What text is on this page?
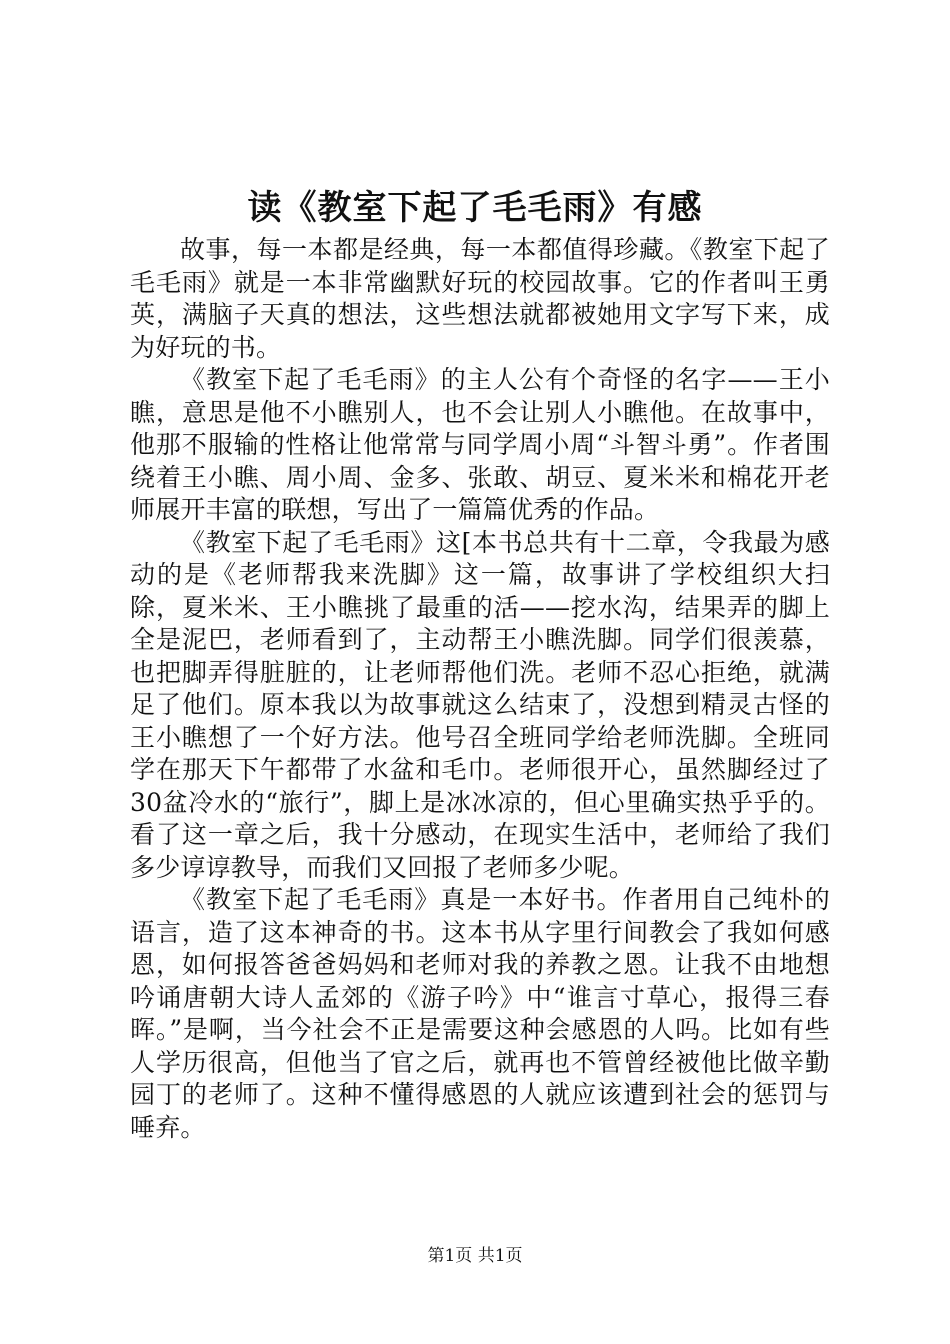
读《教室下起了毛毛雨》有感

故事，每一本都是经典，每一本都值得珍藏。《教室下起了毛毛雨》就是一本非常幽默好玩的校园故事。它的作者叫王勇英，满脑子天真的想法，这些想法就都被她用文字写下来，成为好玩的书。

《教室下起了毛毛雨》的主人公有个奇怪的名字——王小瞧，意思是他不小瞧别人，也不会让别人小瞧他。在故事中，他那不服输的性格让他常常与同学周小周“斗智斗勇”。作者围绕着王小瞧、周小周、金多、张敢、胡豆、夏米米和棉花开老师展开丰富的联想，写出了一篇篇优秀的作品。

《教室下起了毛毛雨》这[本书总共有十二章，令我最为感动的是《老师帮我来洗脚》这一篇，故事讲了学校组织大扫除，夏米米、王小瞧挑了最重的活——挖水沟，结果弄的脚上全是泥巴，老师看到了，主动帮王小瞧洗脚。同学们很羡慕，也把脚弄得脏脏的，让老师帮他们洗。老师不忍心拒绝，就满足了他们。原本我以为故事就这么结束了，没想到精灵古怪的王小瞧想了一个好方法。他号召全班同学给老师洗脚。全班同学在那天下午都带了水盆和毛巾。老师很开心，虽然脚经过了30盆冷水的“旅行”，脚上是冰冰凉的，但心里确实热乎乎的。看了这一章之后，我十分感动，在现实生活中，老师给了我们多少谆谆教导，而我们又回报了老师多少呢。

《教室下起了毛毛雨》真是一本好书。作者用自己纯朴的语言，造了这本神奇的书。这本书从字里行间教会了我如何感恩，如何报答爸爸妈妈和老师对我的养教之恩。让我不由地想吟诵唐朝大诗人孟郊的《游子吟》中“谁言寸草心，报得三春晖。”是啊，当今社会不正是需要这种会感恩的人吗。比如有些人学历很高，但他当了官之后，就再也不管曾经被他比做辛勤园丁的老师了。这种不懂得感恩的人就应该遭到社会的惩罚与唾弃。

第1页 共1页
